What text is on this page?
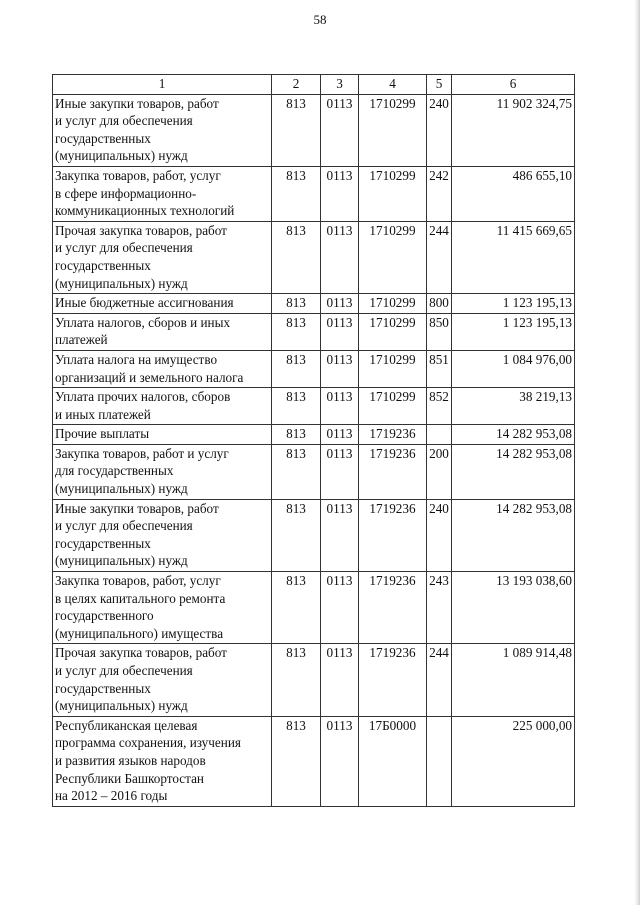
58
1	2	3	4	5	6
Иные закупки товаров, работ
и услуг для обеспечения
государственных
(муниципальных) нужд	813	0113	1710299	240	11 902 324,75
Закупка товаров, работ, услуг
в сфере информационно-
коммуникационных технологий	813	0113	1710299	242	486 655,10
Прочая закупка товаров, работ
и услуг для обеспечения
государственных
(муниципальных) нужд	813	0113	1710299	244	11 415 669,65
Иные бюджетные ассигнования	813	0113	1710299	800	1 123 195,13
Уплата налогов, сборов и иных
платежей	813	0113	1710299	850	1 123 195,13
Уплата налога на имущество
организаций и земельного налога	813	0113	1710299	851	1 084 976,00
Уплата прочих налогов, сборов
и иных платежей	813	0113	1710299	852	38 219,13
Прочие выплаты	813	0113	1719236		14 282 953,08
Закупка товаров, работ и услуг
для государственных
(муниципальных) нужд	813	0113	1719236	200	14 282 953,08
Иные закупки товаров, работ
и услуг для обеспечения
государственных
(муниципальных) нужд	813	0113	1719236	240	14 282 953,08
Закупка товаров, работ, услуг
в целях капитального ремонта
государственного
(муниципального) имущества	813	0113	1719236	243	13 193 038,60
Прочая закупка товаров, работ
и услуг для обеспечения
государственных
(муниципальных) нужд	813	0113	1719236	244	1 089 914,48
Республиканская целевая
программа сохранения, изучения
и развития языков народов
Республики Башкортостан
на 2012 – 2016 годы	813	0113	17Б0000		225 000,00
